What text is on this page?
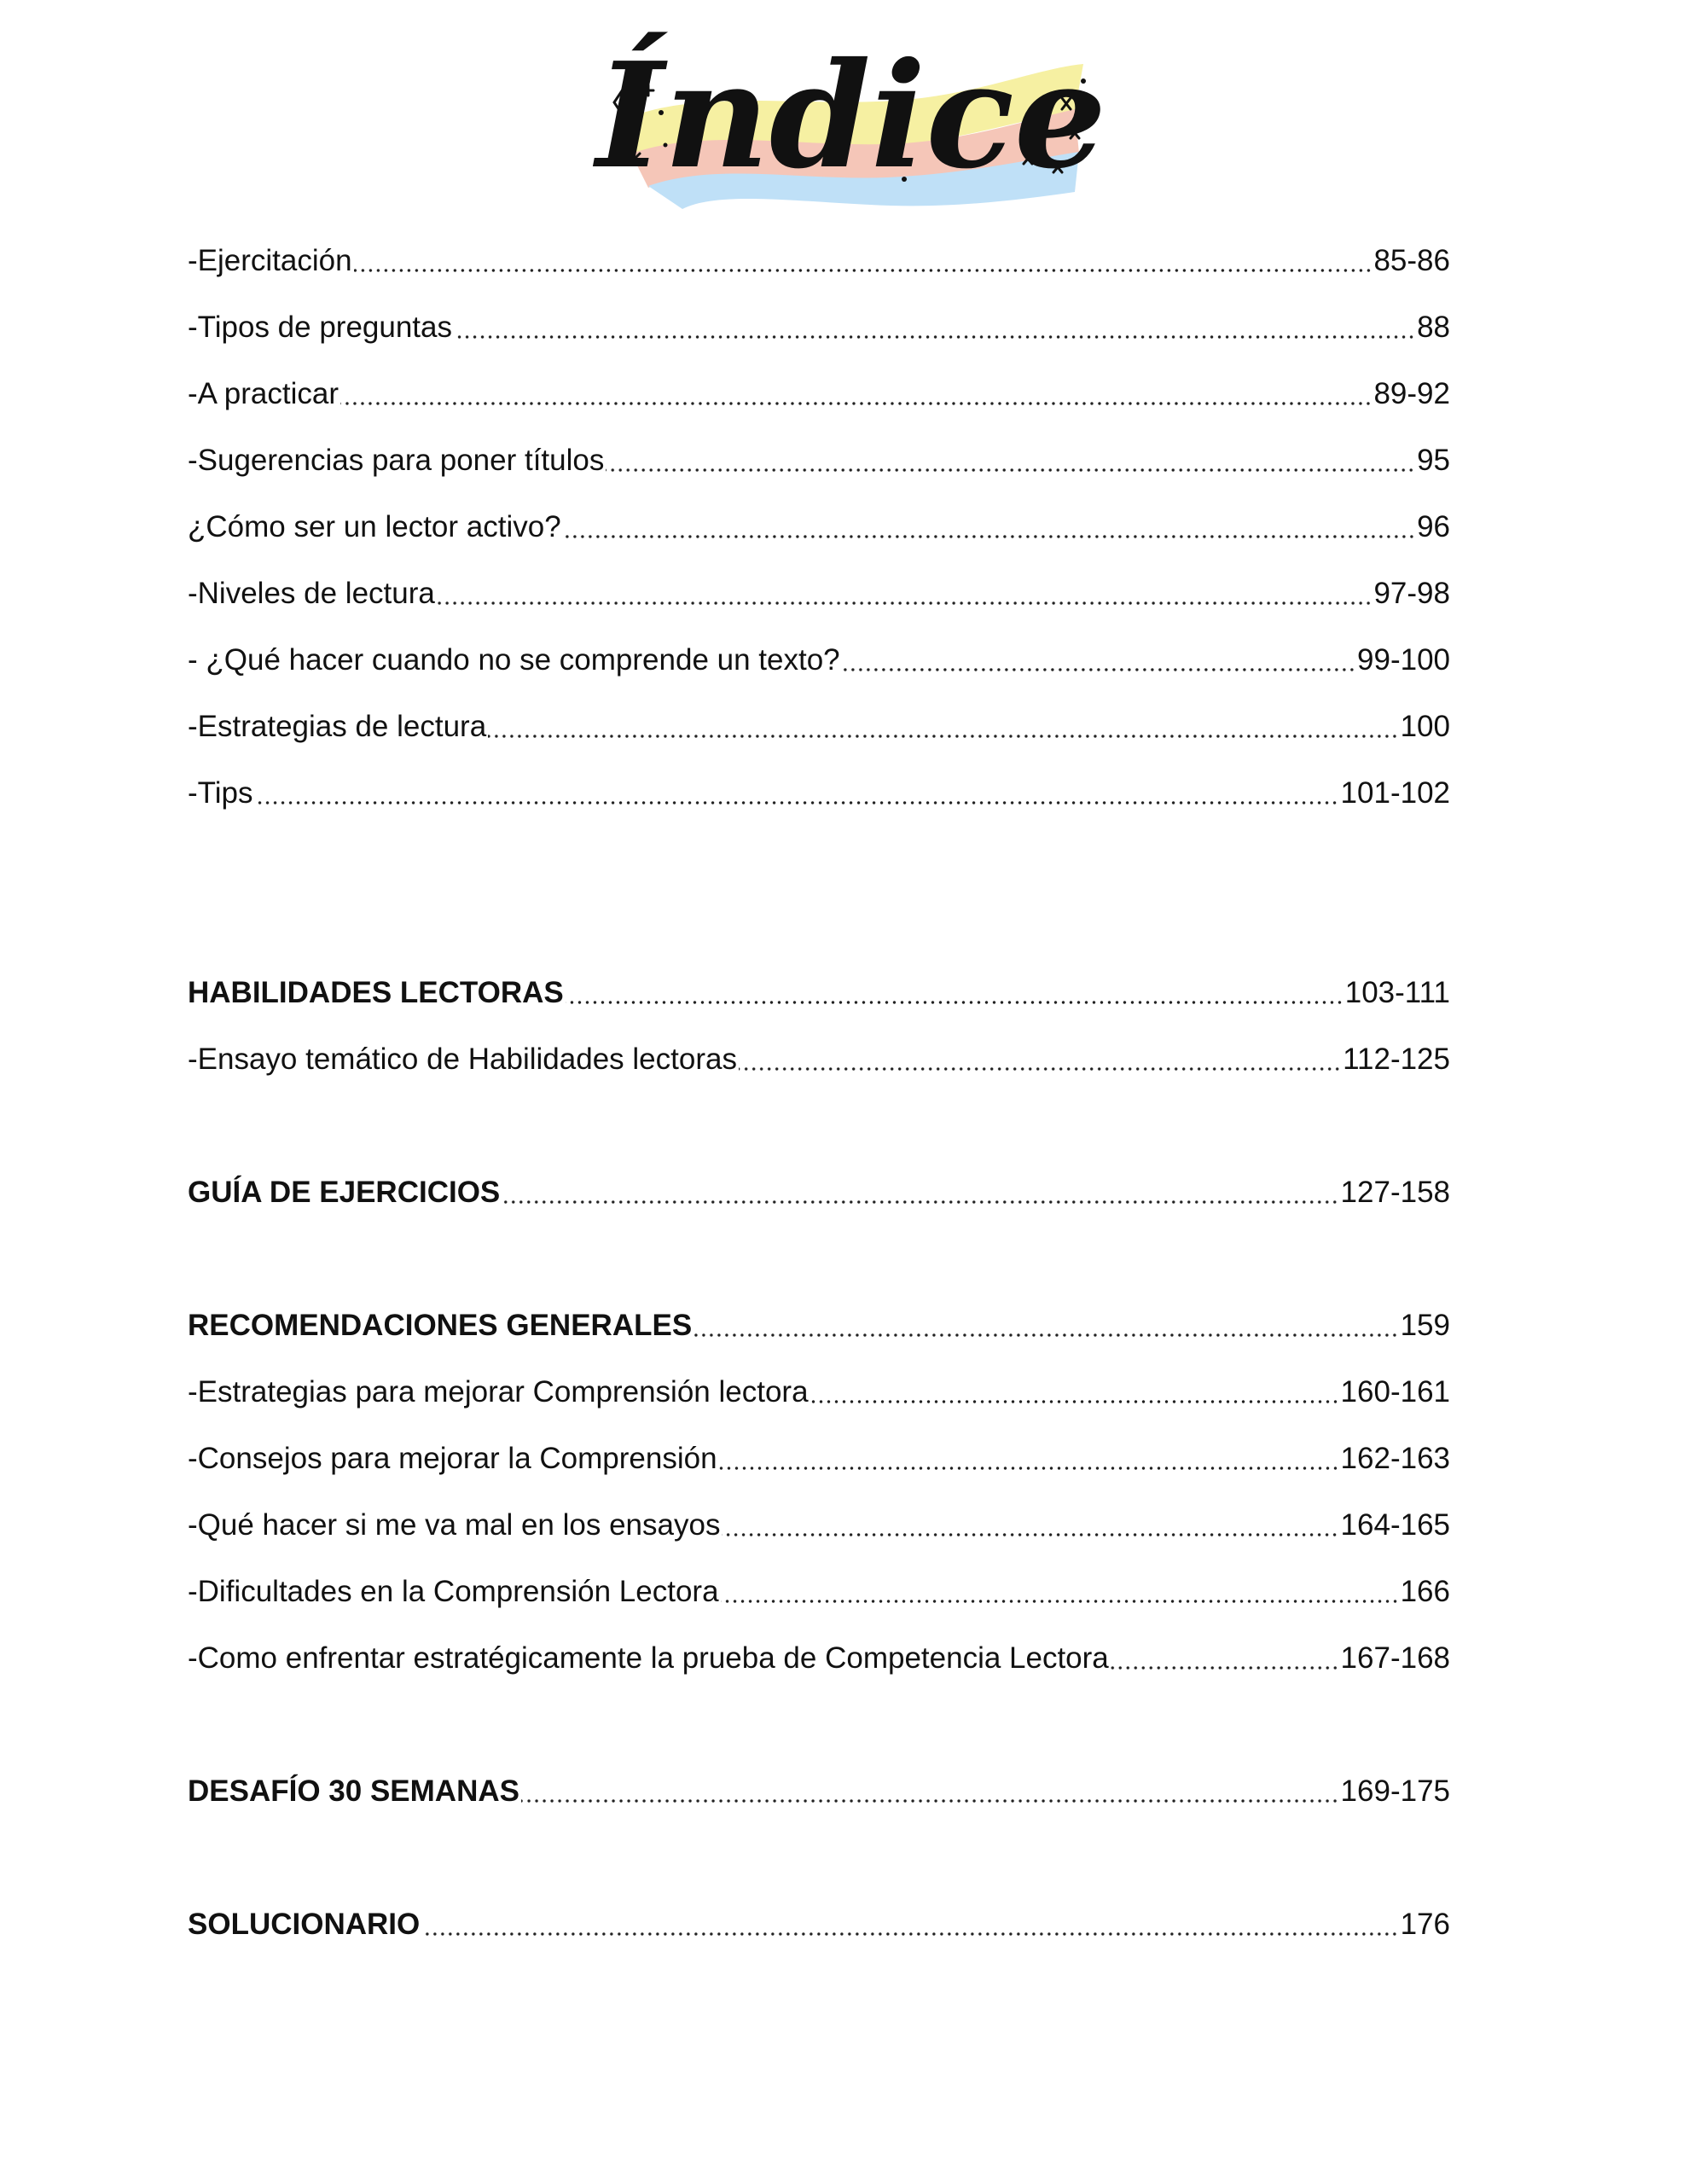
Índice
-Ejercitación	85-86
-Tipos de preguntas	88
-A practicar	89-92
-Sugerencias para poner títulos	95
¿Cómo ser un lector activo?	96
-Niveles de lectura	97-98
- ¿Qué hacer cuando no se comprende un texto?	99-100
-Estrategias de lectura	100
-Tips	101-102
HABILIDADES LECTORAS	103-111
-Ensayo temático de Habilidades lectoras	112-125
GUÍA DE EJERCICIOS	127-158
RECOMENDACIONES GENERALES	159
-Estrategias para mejorar Comprensión lectora	160-161
-Consejos para mejorar la Comprensión	162-163
-Qué hacer si me va mal en los ensayos	164-165
-Dificultades en la Comprensión Lectora	166
-Como enfrentar estratégicamente la prueba de Competencia Lectora	167-168
DESAFÍO 30 SEMANAS	169-175
SOLUCIONARIO	176
